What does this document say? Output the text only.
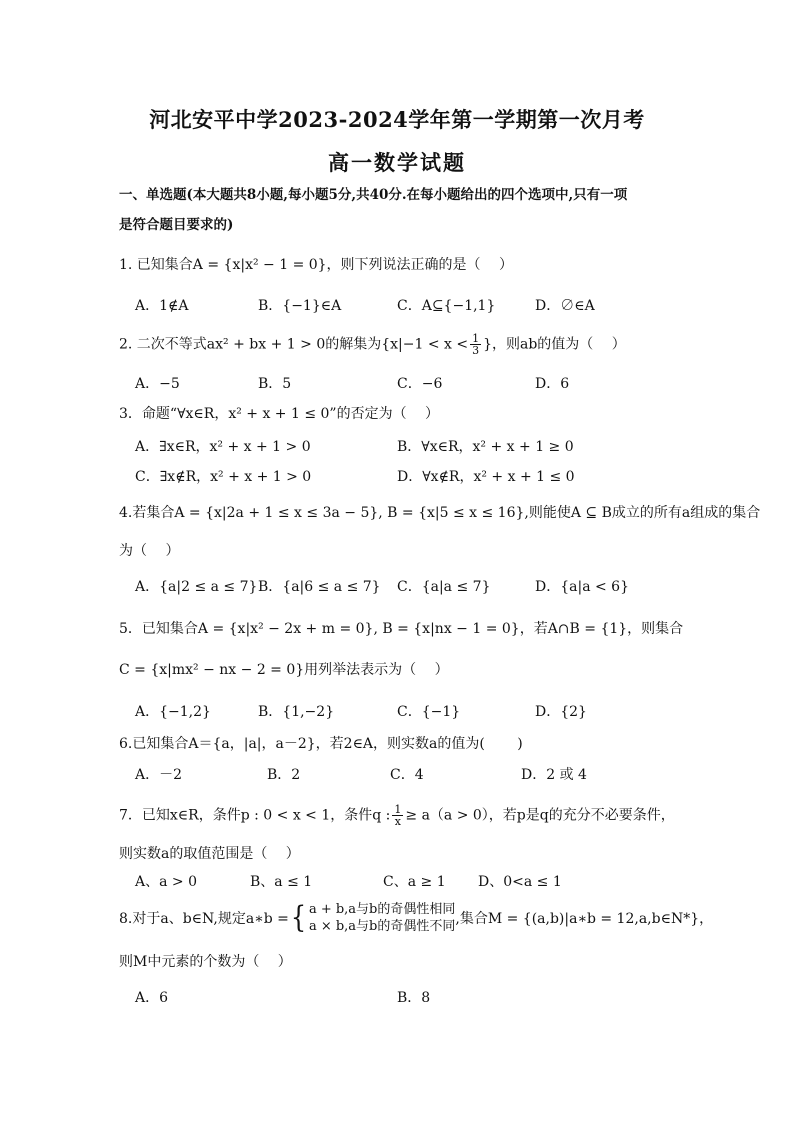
河北安平中学2023-2024学年第一学期第一次月考
高一数学试题
一、单选题(本大题共8小题,每小题5分,共40分.在每小题给出的四个选项中,只有一项
是符合题目要求的)
1. 已知集合A = {x|x² − 1 = 0}，则下列说法正确的是（　 ）
A．1∉A	B．{−1}∈A	C．A⊆{−1,1}	D．∅∈A
2. 二次不等式ax² + bx + 1 > 0的解集为{$x|-1 < x < \frac{1}{3}$ }，则ab的值为（　 ）
A．−5	B．5	C．−6	D．6
3．命题“∀x∈R，x² + x + 1 ≤ 0”的否定为（　 ）
A．∃x∈R，x² + x + 1 > 0	B．∀x∈R，x² + x + 1 ≥ 0
C．∃x∉R，x² + x + 1 > 0	D．∀x∉R，x² + x + 1 ≤ 0
4.若集合A = {x|2a + 1 ≤ x ≤ 3a − 5}, B = {x|5 ≤ x ≤ 16},则能使A ⊆ B成立的所有a组成的集合
为（　 ）
A．{a|2 ≤ a ≤ 7} B．{a|6 ≤ a ≤ 7} C．{a|a ≤ 7}	D．{a|a < 6}
5．已知集合A = {x|x² − 2x + m = 0}, B = {x|nx − 1 = 0}，若A∩B = {1}，则集合
C = {x|mx² − nx − 2 = 0}用列举法表示为（　 ）
A．{−1,2}	B．{1,−2}	C．{−1}	D．{2}
6.已知集合A＝{a，|a|，a－2}，若2∈A，则实数a的值为(　　 )
A．－2	B．2	C．4	D．2 或 4
7．已知x∈R，条件p : 0 < x < 1，条件q : $\frac{1}{x} \ge a(a > 0)$，若p是q的充分不必要条件，
则实数a的取值范围是（　 ）
A、a > 0	B、a ≤ 1	C、a ≥ 1 D、0<a ≤ 1
8.对于a、b∈N,规定a∗b = { a + b,a与b的奇偶性相同
a × b,a与b的奇偶性不同 ,集合M = {(a,b)|a∗b = 12,a,b∈N*}，
则M中元素的个数为（　 ）
A．6	B．8
